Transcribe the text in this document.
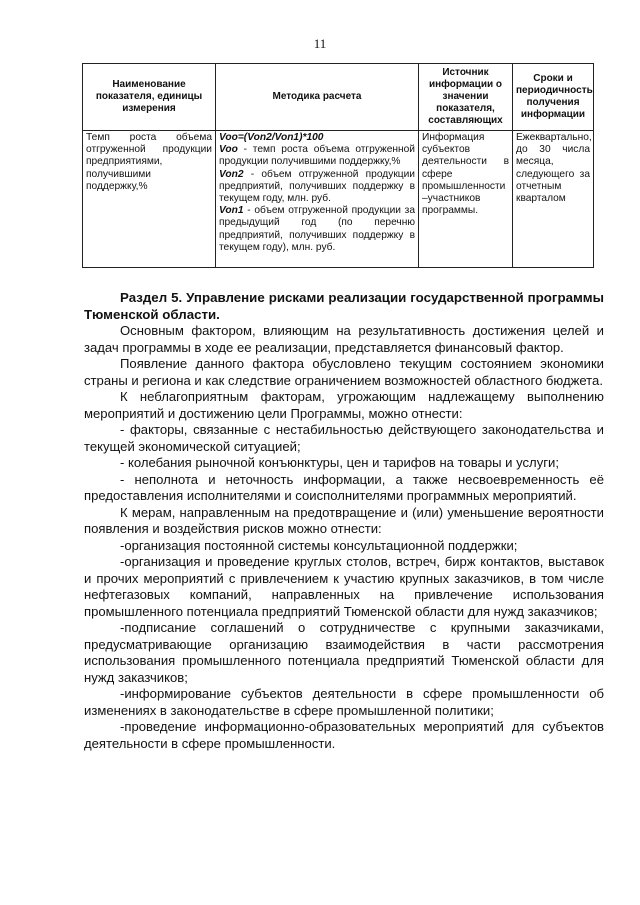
11
Наименование показателя, единицы измерения	Методика расчета	Источник информации о значении показателя, составляющих	Сроки и периодичность получения информации
Темп роста объема отгруженной продукции предприятиями, получившими поддержку,%	Voo=(Von2/Von1)*100
Voo - темп роста объема отгруженной продукции получившими поддержку,%
Von2 - объем отгруженной продукции предприятий, получивших поддержку в текущем году, млн. руб.
Von1 - объем отгруженной продукции за предыдущий год (по перечню предприятий, получивших поддержку в текущем году), млн. руб.	Информация субъектов деятельности в сфере промышленности –участников программы.	Ежеквартально, до 30 числа месяца, следующего за отчетным кварталом
Раздел 5. Управление рисками реализации государственной программы Тюменской области.

Основным фактором, влияющим на результативность достижения целей и задач программы в ходе ее реализации, представляется финансовый фактор.

Появление данного фактора обусловлено текущим состоянием экономики страны и региона и как следствие ограничением возможностей областного бюджета.

К неблагоприятным факторам, угрожающим надлежащему выполнению мероприятий и достижению цели Программы, можно отнести:

- факторы, связанные с нестабильностью действующего законодательства и текущей экономической ситуацией;

- колебания рыночной конъюнктуры, цен и тарифов на товары и услуги;

- неполнота и неточность информации, а также несвоевременность её предоставления исполнителями и соисполнителями программных мероприятий.

К мерам, направленным на предотвращение и (или) уменьшение вероятности появления и воздействия рисков можно отнести:

-организация постоянной системы консультационной поддержки;

-организация и проведение круглых столов, встреч, бирж контактов, выставок и прочих мероприятий с привлечением к участию крупных заказчиков, в том числе нефтегазовых компаний, направленных на привлечение использования промышленного потенциала предприятий Тюменской области для нужд заказчиков;

-подписание соглашений о сотрудничестве с крупными заказчиками, предусматривающие организацию взаимодействия в части рассмотрения использования промышленного потенциала предприятий Тюменской области для нужд заказчиков;

-информирование субъектов деятельности в сфере промышленности об изменениях в законодательстве в сфере промышленной политики;

-проведение информационно-образовательных мероприятий для субъектов деятельности в сфере промышленности.
